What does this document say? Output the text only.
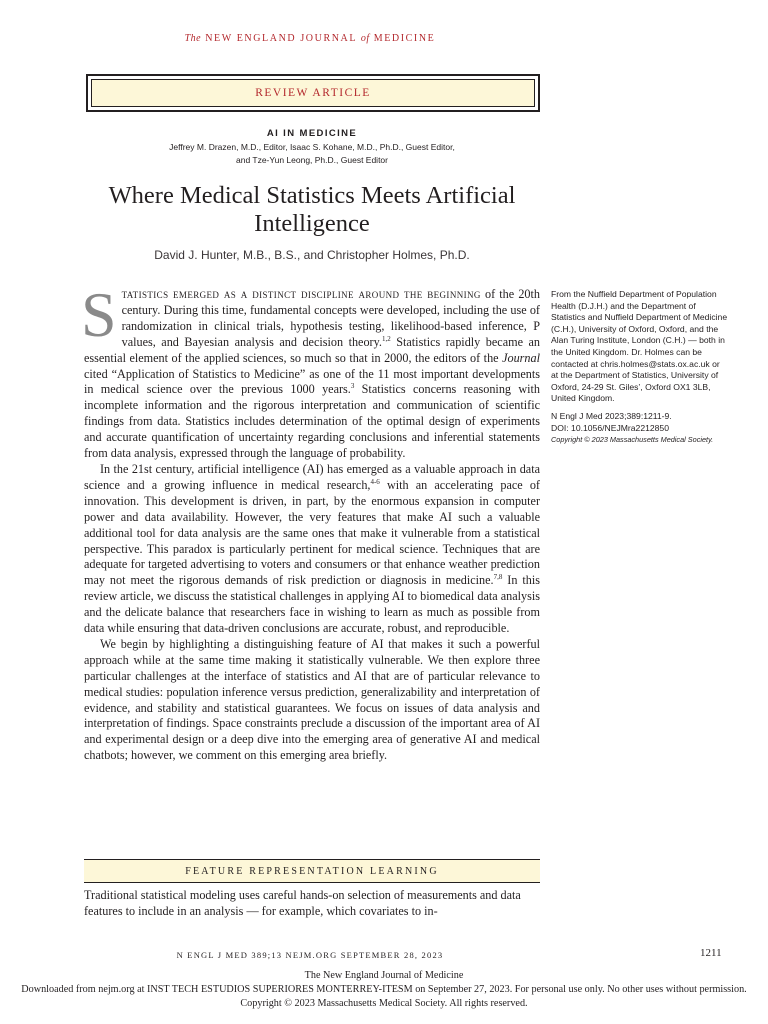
The NEW ENGLAND JOURNAL of MEDICINE
REVIEW ARTICLE
AI IN MEDICINE
Jeffrey M. Drazen, M.D., Editor, Isaac S. Kohane, M.D., Ph.D., Guest Editor,
and Tze-Yun Leong, Ph.D., Guest Editor
Where Medical Statistics Meets Artificial Intelligence
David J. Hunter, M.B., B.S., and Christopher Holmes, Ph.D.

Statistics emerged as a distinct discipline around the beginning of the 20th century. During this time, fundamental concepts were developed, including the use of randomization in clinical trials, hypothesis testing, likelihood-based inference, P values, and Bayesian analysis and decision theory.$^{1,2}$ Statistics rapidly became an essential element of the applied sciences, so much so that in 2000, the editors of the Journal cited “Application of Statistics to Medicine” as one of the 11 most important developments in medical science over the previous 1000 years.$^3$ Statistics concerns reasoning with incomplete information and the rigorous interpretation and communication of scientific findings from data. Statistics includes determination of the optimal design of experiments and accurate quantification of uncertainty regarding conclusions and inferential statements from data analysis, expressed through the language of probability.

In the 21st century, artificial intelligence (AI) has emerged as a valuable approach in data science and a growing influence in medical research,$^{4-6}$ with an accelerating pace of innovation. This development is driven, in part, by the enormous expansion in computer power and data availability. However, the very features that make AI such a valuable additional tool for data analysis are the same ones that make it vulnerable from a statistical perspective. This paradox is particularly pertinent for medical science. Techniques that are adequate for targeted advertising to voters and consumers or that enhance weather prediction may not meet the rigorous demands of risk prediction or diagnosis in medicine.$^{7,8}$ In this review article, we discuss the statistical challenges in applying AI to biomedical data analysis and the delicate balance that researchers face in wishing to learn as much as possible from data while ensuring that data-driven conclusions are accurate, robust, and reproducible.

We begin by highlighting a distinguishing feature of AI that makes it such a powerful approach while at the same time making it statistically vulnerable. We then explore three particular challenges at the interface of statistics and AI that are of particular relevance to medical studies: population inference versus prediction, generalizability and interpretation of evidence, and stability and statistical guarantees. We focus on issues of data analysis and interpretation of findings. Space constraints preclude a discussion of the important area of AI and experimental design or a deep dive into the emerging area of generative AI and medical chatbots; however, we comment on this emerging area briefly.

FEATURE REPRESENTATION LEARNING

Traditional statistical modeling uses careful hands-on selection of measurements and data features to include in an analysis — for example, which covariates to in-

From the Nuffield Department of Population Health (D.J.H.) and the Department of Statistics and Nuffield Department of Medicine (C.H.), University of Oxford, Oxford, and the Alan Turing Institute, London (C.H.) — both in the United Kingdom. Dr. Holmes can be contacted at chris.holmes@stats.ox.ac.uk or at the Department of Statistics, University of Oxford, 24-29 St. Giles’, Oxford OX1 3LB, United Kingdom.

N Engl J Med 2023;389:1211-9.

DOI: 10.1056/NEJMra2212850

Copyright © 2023 Massachusetts Medical Society.

N ENGL J MED 389;13 NEJM.ORG SEPTEMBER 28, 2023	1211
The New England Journal of Medicine
Downloaded from nejm.org at INST TECH ESTUDIOS SUPERIORES MONTERREY-ITESM on September 27, 2023. For personal use only. No other uses without permission.
Copyright © 2023 Massachusetts Medical Society. All rights reserved.
